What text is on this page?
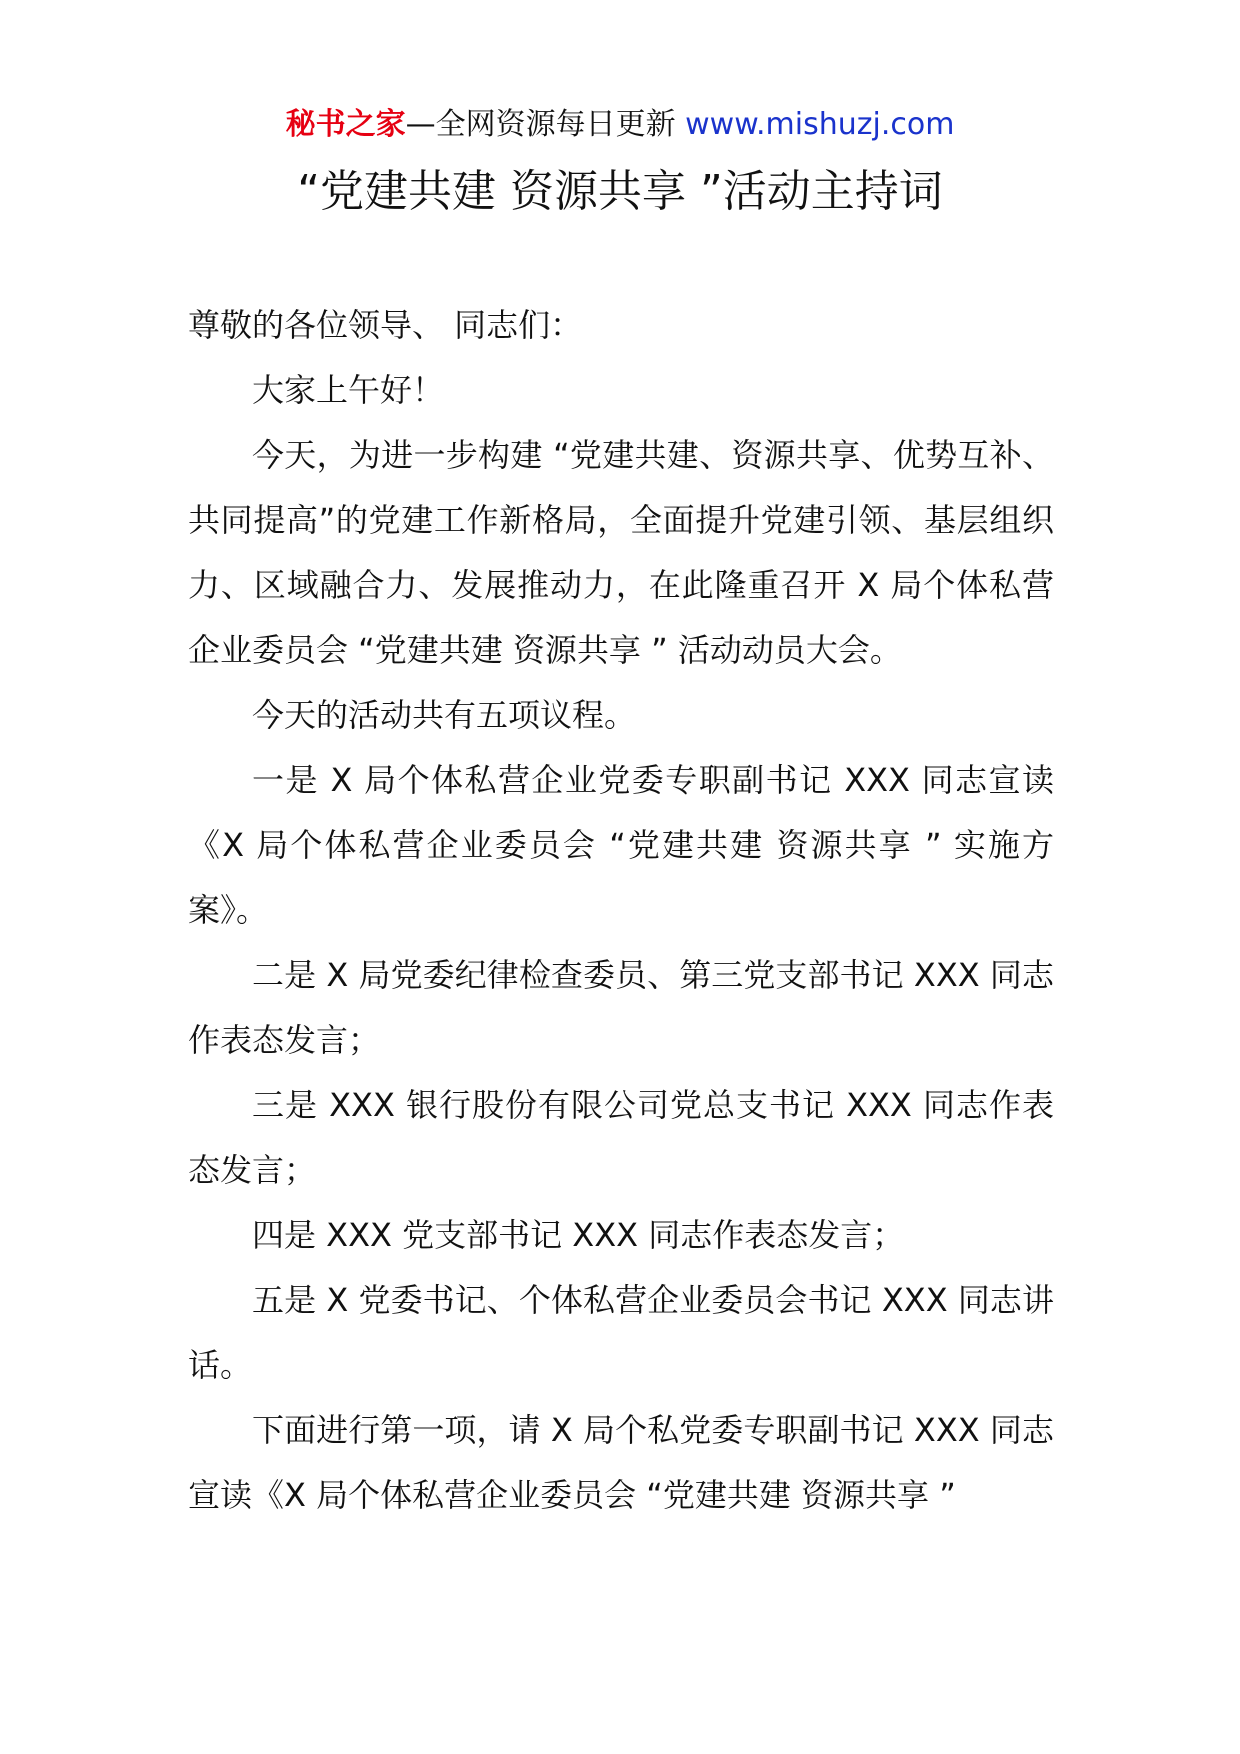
秘书之家—全网资源每日更新 www.mishuzj.com
“党建共建 资源共享 ”活动主持词

尊敬的各位领导、 同志们：

大家上午好！

今天，为进一步构建 “党建共建、资源共享、优势互补、共同提高”的党建工作新格局，全面提升党建引领、基层组织力、区域融合力、发展推动力，在此隆重召开 X 局个体私营企业委员会 “党建共建 资源共享 ” 活动动员大会。

今天的活动共有五项议程。

一是 X 局个体私营企业党委专职副书记 XXX 同志宣读《X 局个体私营企业委员会 “党建共建 资源共享 ” 实施方案》。

二是 X 局党委纪律检查委员、第三党支部书记 XXX 同志作表态发言；

三是 XXX 银行股份有限公司党总支书记 XXX 同志作表态发言；

四是 XXX 党支部书记 XXX 同志作表态发言；

五是 X 党委书记、个体私营企业委员会书记 XXX 同志讲话。

下面进行第一项，请 X 局个私党委专职副书记 XXX 同志宣读《X 局个体私营企业委员会 “党建共建 资源共享 ”
